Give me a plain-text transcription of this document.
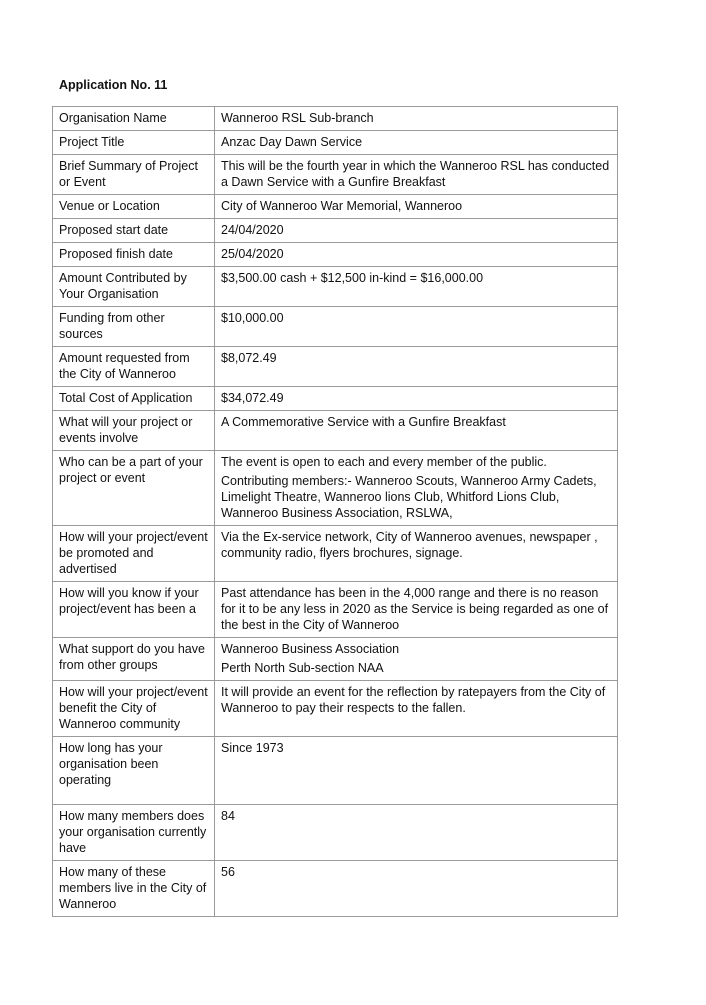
Application No. 11
Organisation Name	Wanneroo RSL Sub-branch

Project Title	Anzac Day Dawn Service

Brief Summary of Project or Event	This will be the fourth year in which the Wanneroo RSL has conducted a Dawn Service with a Gunfire Breakfast

Venue or Location	City of Wanneroo War Memorial, Wanneroo

Proposed start date	24/04/2020

Proposed finish date	25/04/2020

Amount Contributed by Your Organisation	$3,500.00 cash + $12,500 in-kind = $16,000.00

Funding from other sources	$10,000.00

Amount requested from the City of Wanneroo	$8,072.49

Total Cost of Application	$34,072.49

What will your project or events involve	A Commemorative Service with a Gunfire Breakfast

Who can be a part of your project or event	The event is open to each and every member of the public.

Contributing members:- Wanneroo Scouts, Wanneroo Army Cadets, Limelight Theatre, Wanneroo lions Club, Whitford Lions Club, Wanneroo Business Association, RSLWA,

How will your project/event be promoted and advertised	Via the Ex-service network, City of Wanneroo avenues, newspaper , community radio, flyers brochures, signage.

How will you know if your project/event has been a	Past attendance has been in the 4,000 range and there is no reason for it to be any less in 2020 as the Service is being regarded as one of the best in the City of Wanneroo

What support do you have from other groups	Wanneroo Business Association

Perth North Sub-section NAA

How will your project/event benefit the City of Wanneroo community	It will provide an event for the reflection by ratepayers from the City of Wanneroo to pay their respects to the fallen.

How long has your organisation been operating	Since 1973

How many members does your organisation currently have	84

How many of these members live in the City of Wanneroo	56
